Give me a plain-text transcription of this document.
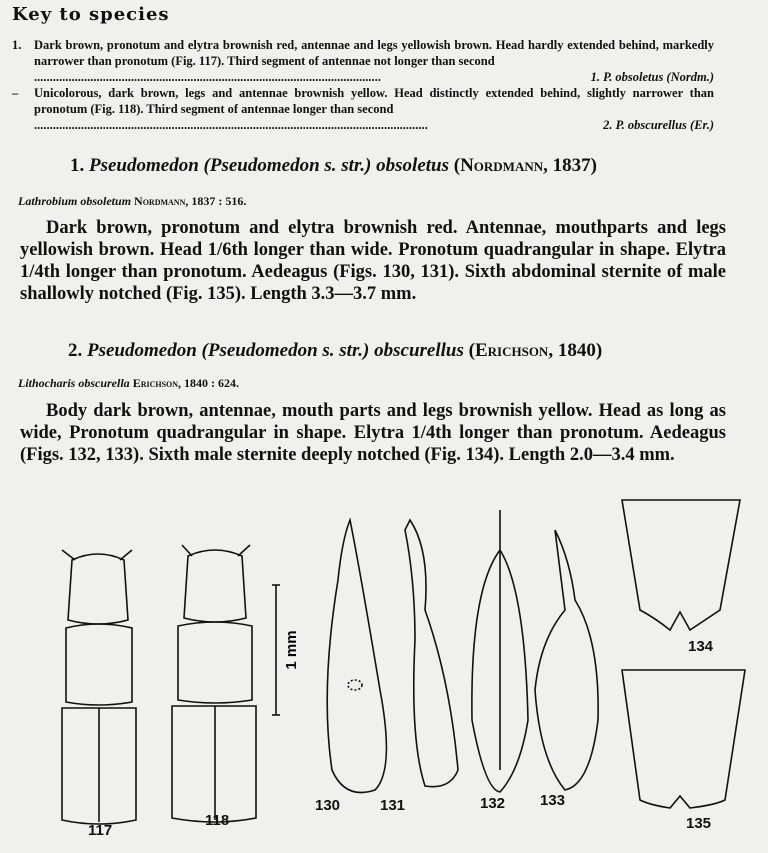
Key to species
1.	Dark brown, pronotum and elytra brownish red, antennae and legs yellowish brown. Head hardly extended behind, markedly narrower than pronotum (Fig. 117). Third segment of antennae not longer than second
...............................................................................................................	1. P. obsoletus (Nordm.)
–	Unicolorous, dark brown, legs and antennae brownish yellow. Head distinctly extended behind, slightly narrower than pronotum (Fig. 118). Third segment of antennae longer than second
..............................................................................................................................	2. P. obscurellus (Er.)
1. Pseudomedon (Pseudomedon s. str.) obsoletus (Nordmann, 1837)
Lathrobium obsoletum Nordmann, 1837 : 516.
Dark brown, pronotum and elytra brownish red. Antennae, mouthparts and legs yellowish brown. Head 1/6th longer than wide. Pronotum quadrangular in shape. Elytra 1/4th longer than pronotum. Aedeagus (Figs. 130, 131). Sixth abdominal sternite of male shallowly notched (Fig. 135). Length 3.3—3.7 mm.
2. Pseudomedon (Pseudomedon s. str.) obscurellus (Erichson, 1840)
Lithocharis obscurella Erichson, 1840 : 624.
Body dark brown, antennae, mouth parts and legs brownish yellow. Head as long as wide, Pronotum quadrangular in shape. Elytra 1/4th longer than pronotum. Aedeagus (Figs. 132, 133). Sixth male sternite deeply notched (Fig. 134). Length 2.0—3.4 mm.
1 mm
117
118
130	131	132 133
134
135
